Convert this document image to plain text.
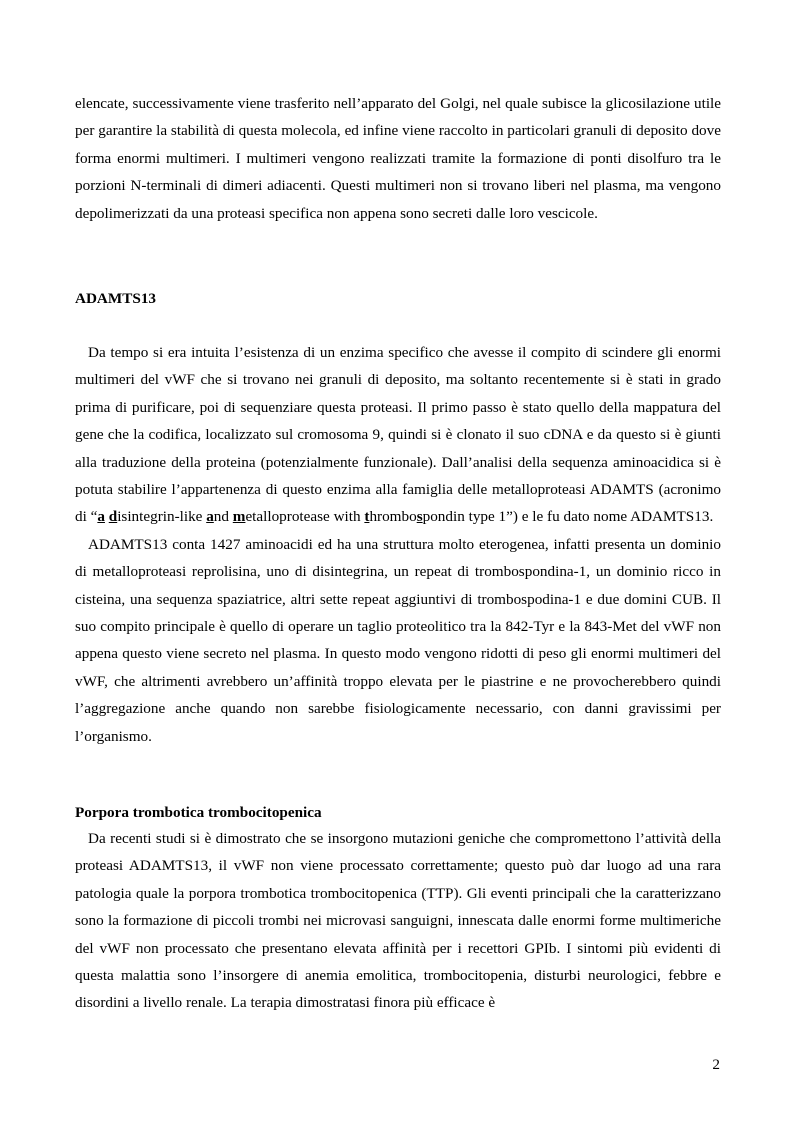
elencate, successivamente viene trasferito nell’apparato del Golgi, nel quale subisce la glicosilazione utile per garantire la stabilità di questa molecola, ed infine viene raccolto in particolari granuli di deposito dove forma enormi multimeri. I multimeri vengono realizzati tramite la formazione di ponti disolfuro tra le porzioni N-terminali di dimeri adiacenti. Questi multimeri non si trovano liberi nel plasma, ma vengono depolimerizzati da una proteasi specifica non appena sono secreti dalle loro vescicole.

ADAMTS13

Da tempo si era intuita l’esistenza di un enzima specifico che avesse il compito di scindere gli enormi multimeri del vWF che si trovano nei granuli di deposito, ma soltanto recentemente si è stati in grado prima di purificare, poi di sequenziare questa proteasi. Il primo passo è stato quello della mappatura del gene che la codifica, localizzato sul cromosoma 9, quindi si è clonato il suo cDNA e da questo si è giunti alla traduzione della proteina (potenzialmente funzionale). Dall’analisi della sequenza aminoacidica si è potuta stabilire l’appartenenza di questo enzima alla famiglia delle metalloproteasi ADAMTS (acronimo di “a disintegrin-like and metalloprotease with thrombospondin type 1”) e le fu dato nome ADAMTS13.

ADAMTS13 conta 1427 aminoacidi ed ha una struttura molto eterogenea, infatti presenta un dominio di metalloproteasi reprolisina, uno di disintegrina, un repeat di trombospondina-1, un dominio ricco in cisteina, una sequenza spaziatrice, altri sette repeat aggiuntivi di trombospodina-1 e due domini CUB. Il suo compito principale è quello di operare un taglio proteolitico tra la 842-Tyr e la 843-Met del vWF non appena questo viene secreto nel plasma. In questo modo vengono ridotti di peso gli enormi multimeri del vWF, che altrimenti avrebbero un’affinità troppo elevata per le piastrine e ne provocherebbero quindi l’aggregazione anche quando non sarebbe fisiologicamente necessario, con danni gravissimi per l’organismo.

Porpora trombotica trombocitopenica

Da recenti studi si è dimostrato che se insorgono mutazioni geniche che compromettono l’attività della proteasi ADAMTS13, il vWF non viene processato correttamente; questo può dar luogo ad una rara patologia quale la porpora trombotica trombocitopenica (TTP). Gli eventi principali che la caratterizzano sono la formazione di piccoli trombi nei microvasi sanguigni, innescata dalle enormi forme multimeriche del vWF non processato che presentano elevata affinità per i recettori GPIb. I sintomi più evidenti di questa malattia sono l’insorgere di anemia emolitica, trombocitopenia, disturbi neurologici, febbre e disordini a livello renale. La terapia dimostratasi finora più efficace è

2
